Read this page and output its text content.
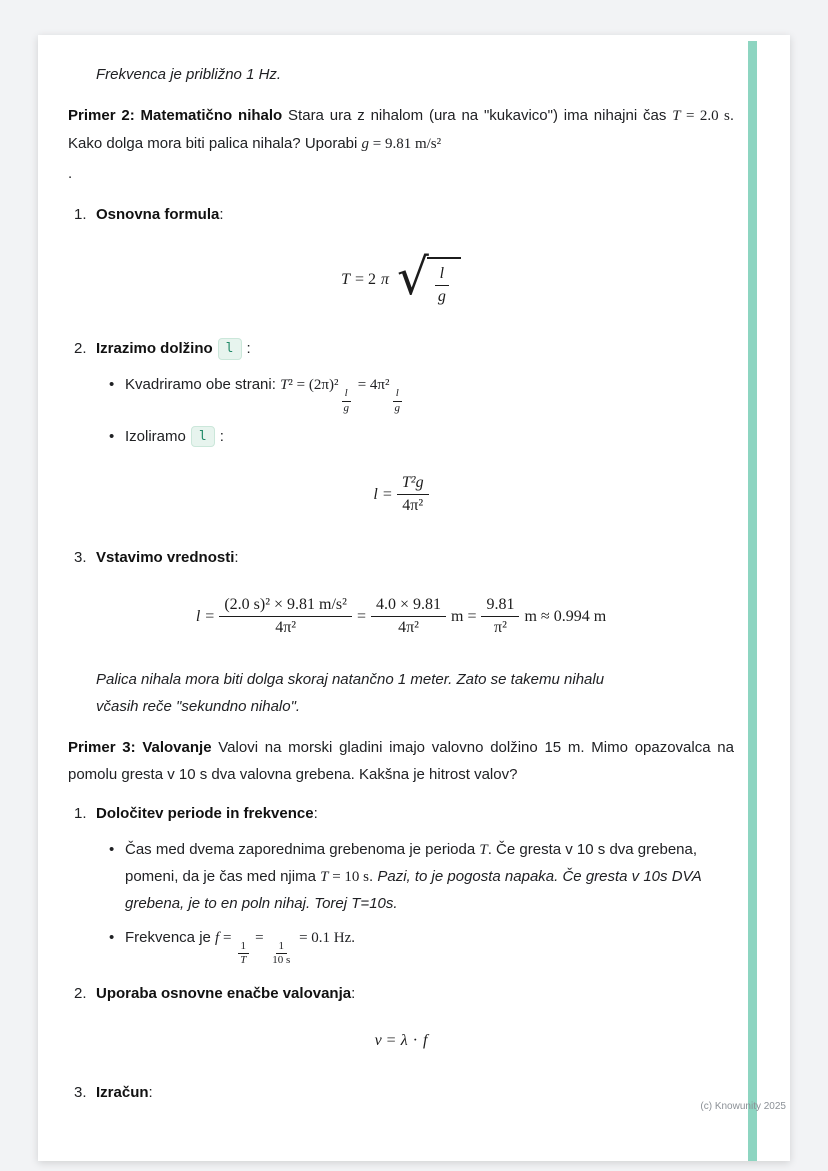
Frekvenca je približno 1 Hz.

Primer 2: Matematično nihalo Stara ura z nihalom (ura na "kukavico") ima nihajni čas T = 2.0 s. Kako dolga mora biti palica nihala? Uporabi g = 9.81 m/s²

.

1. Osnovna formula:
T = 2 π √ $\frac{l}{g}$
2. Izrazimo dolžino l :
• Kvadriramo obe strani: T² = (2π)²
$\frac{l}{g}$
= 4π²
$\frac{l}{g}$
• Izoliramo l :
$l = \frac{\text{T²g}}{\text{4π²}}$
3. Vstavimo vrednosti:
$l = \frac{\text{(2.0 s)² × 9.81 m/s²}}{\text{4π²}} = \frac{4.0 \times 9.81}{\text{4π²}}$ $m = \frac{9.81}{\text{π²}}$ m ≈ 0.994 m

Palica nihala mora biti dolga skoraj natančno 1 meter. Zato se takemu nihalu včasih reče "sekundno nihalo".

Primer 3: Valovanje Valovi na morski gladini imajo valovno dolžino 15 m. Mimo opazovalca na pomolu gresta v 10 s dva valovna grebena. Kakšna je hitrost valov?

1. Določitev periode in frekvence:
• Čas med dvema zaporednima grebenoma je perioda T. Če gresta v 10 s dva grebena, pomeni, da je čas med njima T = 10 s. Pazi, to je pogosta napaka. Če gresta v 10s DVA grebena, je to en poln nihaj. Torej T=10s.
• Frekvenca je f =
$\frac{1}{T}$
=
$\frac{1}{10 s}$
= 0.1 Hz.
2. Uporaba osnovne enačbe valovanja:
v = λ · f
3. Izračun:
(c) Knowunity 2025
